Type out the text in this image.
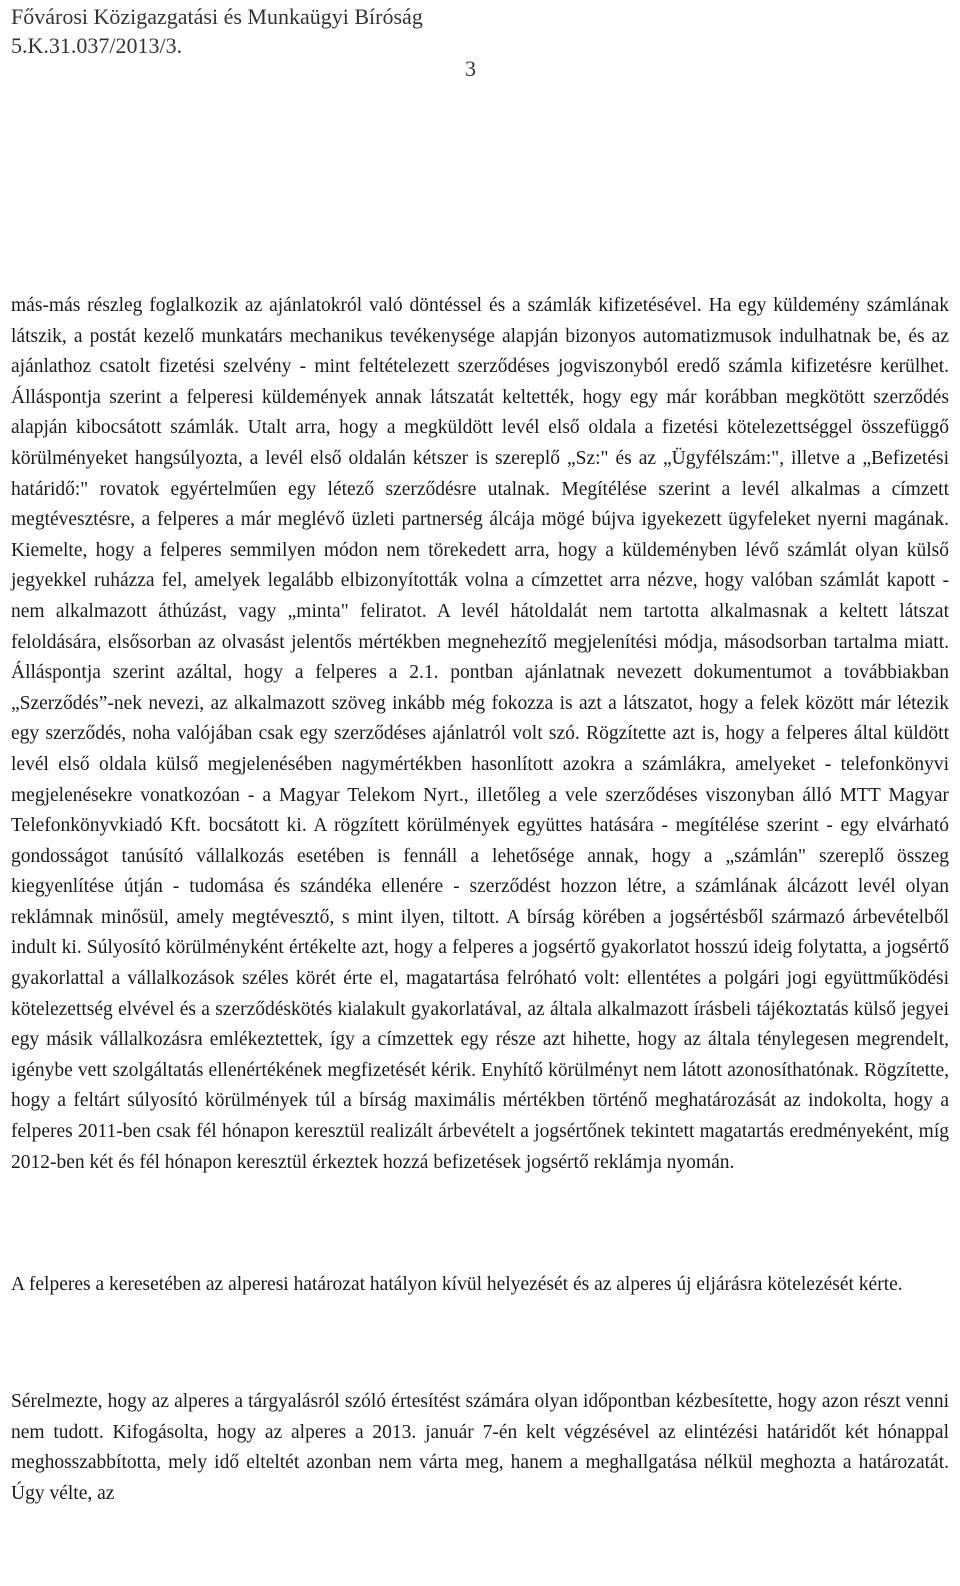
Fővárosi Közigazgatási és Munkaügyi Bíróság
5.K.31.037/2013/3.
3

más-más részleg foglalkozik az ajánlatokról való döntéssel és a számlák kifizetésével. Ha egy küldemény számlának látszik, a postát kezelő munkatárs mechanikus tevékenysége alapján bizonyos automatizmusok indulhatnak be, és az ajánlathoz csatolt fizetési szelvény - mint feltételezett szerződéses jogviszonyból eredő számla kifizetésre kerülhet. Álláspontja szerint a felperesi küldemények annak látszatát keltették, hogy egy már korábban megkötött szerződés alapján kibocsátott számlák. Utalt arra, hogy a megküldött levél első oldala a fizetési kötelezettséggel összefüggő körülményeket hangsúlyozta, a levél első oldalán kétszer is szereplő „Sz:" és az „Ügyfélszám:", illetve a „Befizetési határidő:" rovatok egyértelműen egy létező szerződésre utalnak. Megítélése szerint a levél alkalmas a címzett megtévesztésre, a felperes a már meglévő üzleti partnerség álcája mögé bújva igyekezett ügyfeleket nyerni magának. Kiemelte, hogy a felperes semmilyen módon nem törekedett arra, hogy a küldeményben lévő számlát olyan külső jegyekkel ruházza fel, amelyek legalább elbizonyították volna a címzettet arra nézve, hogy valóban számlát kapott - nem alkalmazott áthúzást, vagy „minta" feliratot. A levél hátoldalát nem tartotta alkalmasnak a keltett látszat feloldására, elsősorban az olvasást jelentős mértékben megnehezítő megjelenítési módja, másodsorban tartalma miatt. Álláspontja szerint azáltal, hogy a felperes a 2.1. pontban ajánlatnak nevezett dokumentumot a továbbiakban „Szerződés”-nek nevezi, az alkalmazott szöveg inkább még fokozza is azt a látszatot, hogy a felek között már létezik egy szerződés, noha valójában csak egy szerződéses ajánlatról volt szó. Rögzítette azt is, hogy a felperes által küldött levél első oldala külső megjelenésében nagymértékben hasonlított azokra a számlákra, amelyeket - telefonkönyvi megjelenésekre vonatkozóan - a Magyar Telekom Nyrt., illetőleg a vele szerződéses viszonyban álló MTT Magyar Telefonkönyvkiadó Kft. bocsátott ki. A rögzített körülmények együttes hatására - megítélése szerint - egy elvárható gondosságot tanúsító vállalkozás esetében is fennáll a lehetősége annak, hogy a „számlán" szereplő összeg kiegyenlítése útján - tudomása és szándéka ellenére - szerződést hozzon létre, a számlának álcázott levél olyan reklámnak minősül, amely megtévesztő, s mint ilyen, tiltott. A bírság körében a jogsértésből származó árbevételből indult ki. Súlyosító körülményként értékelte azt, hogy a felperes a jogsértő gyakorlatot hosszú ideig folytatta, a jogsértő gyakorlattal a vállalkozások széles körét érte el, magatartása felróható volt: ellentétes a polgári jogi együttműködési kötelezettség elvével és a szerződéskötés kialakult gyakorlatával, az általa alkalmazott írásbeli tájékoztatás külső jegyei egy másik vállalkozásra emlékeztettek, így a címzettek egy része azt hihette, hogy az általa ténylegesen megrendelt, igénybe vett szolgáltatás ellenértékének megfizetését kérik. Enyhítő körülményt nem látott azonosíthatónak. Rögzítette, hogy a feltárt súlyosító körülmények túl a bírság maximális mértékben történő meghatározását az indokolta, hogy a felperes 2011-ben csak fél hónapon keresztül realizált árbevételt a jogsértőnek tekintett magatartás eredményeként, míg 2012-ben két és fél hónapon keresztül érkeztek hozzá befizetések jogsértő reklámja nyomán.

A felperes a keresetében az alperesi határozat hatályon kívül helyezését és az alperes új eljárásra kötelezését kérte.

Sérelmezte, hogy az alperes a tárgyalásról szóló értesítést számára olyan időpontban kézbesítette, hogy azon részt venni nem tudott. Kifogásolta, hogy az alperes a 2013. január 7-én kelt végzésével az elintézési határidőt két hónappal meghosszabbította, mely idő elteltét azonban nem várta meg, hanem a meghallgatása nélkül meghozta a határozatát. Úgy vélte, az
